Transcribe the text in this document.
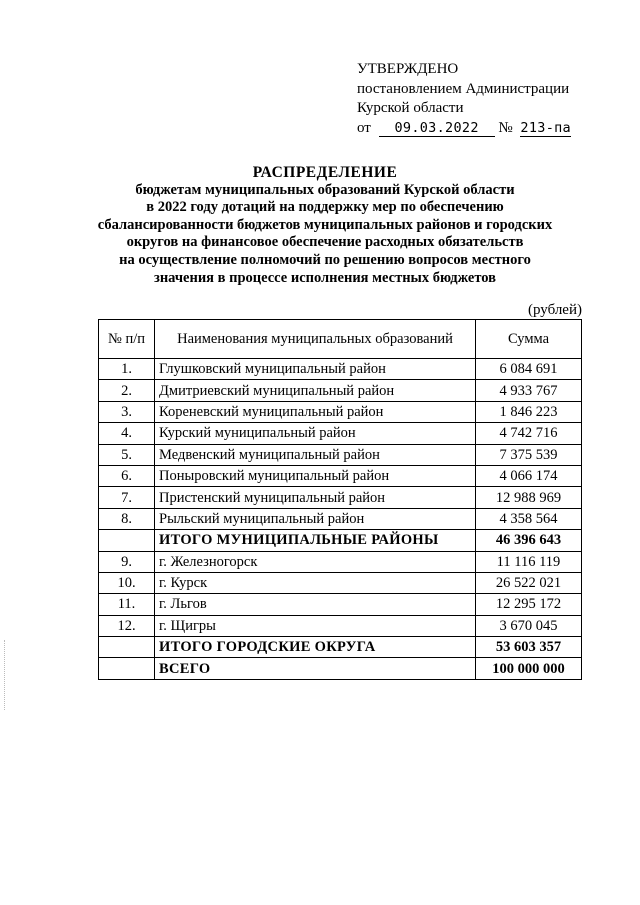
УТВЕРЖДЕНО
постановлением Администрации
Курской области
от 09.03.2022 № 213-па
РАСПРЕДЕЛЕНИЕ
бюджетам муниципальных образований Курской области
в 2022 году дотаций на поддержку мер по обеспечению
сбалансированности бюджетов муниципальных районов и городских
округов на финансовое обеспечение расходных обязательств
на осуществление полномочий по решению вопросов местного
значения в процессе исполнения местных бюджетов
(рублей)
№ п/п	Наименования муниципальных образований	Сумма
1.	Глушковский муниципальный район	6 084 691
2.	Дмитриевский муниципальный район	4 933 767
3.	Кореневский муниципальный район	1 846 223
4.	Курский муниципальный район	4 742 716
5.	Медвенский муниципальный район	7 375 539
6.	Поныровский муниципальный район	4 066 174
7.	Пристенский муниципальный район	12 988 969
8.	Рыльский муниципальный район	4 358 564
	ИТОГО МУНИЦИПАЛЬНЫЕ РАЙОНЫ	46 396 643
9.	г. Железногорск	11 116 119
10.	г. Курск	26 522 021
11.	г. Льгов	12 295 172
12.	г. Щигры	3 670 045
	ИТОГО ГОРОДСКИЕ ОКРУГА	53 603 357
	ВСЕГО	100 000 000
